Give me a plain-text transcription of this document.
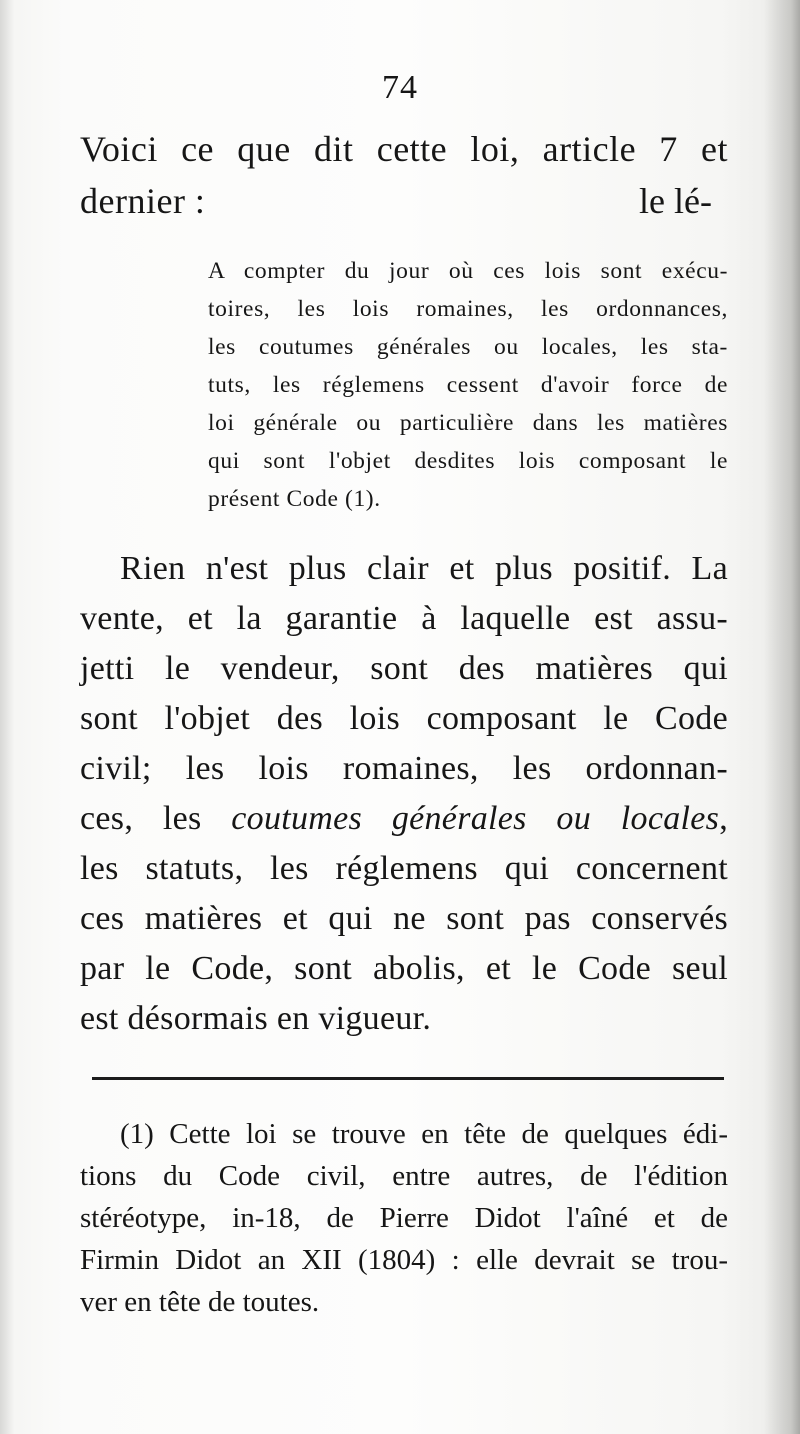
74
Voici ce que dit cette loi, article 7 et
dernier :	le lé-
A compter du jour où ces lois sont exécu-
toires, les lois romaines, les ordonnances,
les coutumes générales ou locales, les sta-
tuts, les réglemens cessent d'avoir force de
loi générale ou particulière dans les matières
qui sont l'objet desdites lois composant le
présent Code (1).
Rien n'est plus clair et plus positif. La
vente, et la garantie à laquelle est assu-
jetti le vendeur, sont des matières qui
sont l'objet des lois composant le Code
civil; les lois romaines, les ordonnan-
ces, les coutumes générales ou locales,
les statuts, les réglemens qui concernent
ces matières et qui ne sont pas conservés
par le Code, sont abolis, et le Code seul
est désormais en vigueur.
(1) Cette loi se trouve en tête de quelques édi-
tions du Code civil, entre autres, de l'édition
stéréotype, in-18, de Pierre Didot l'aîné et de
Firmin Didot an XII (1804) : elle devrait se trou-
ver en tête de toutes.
